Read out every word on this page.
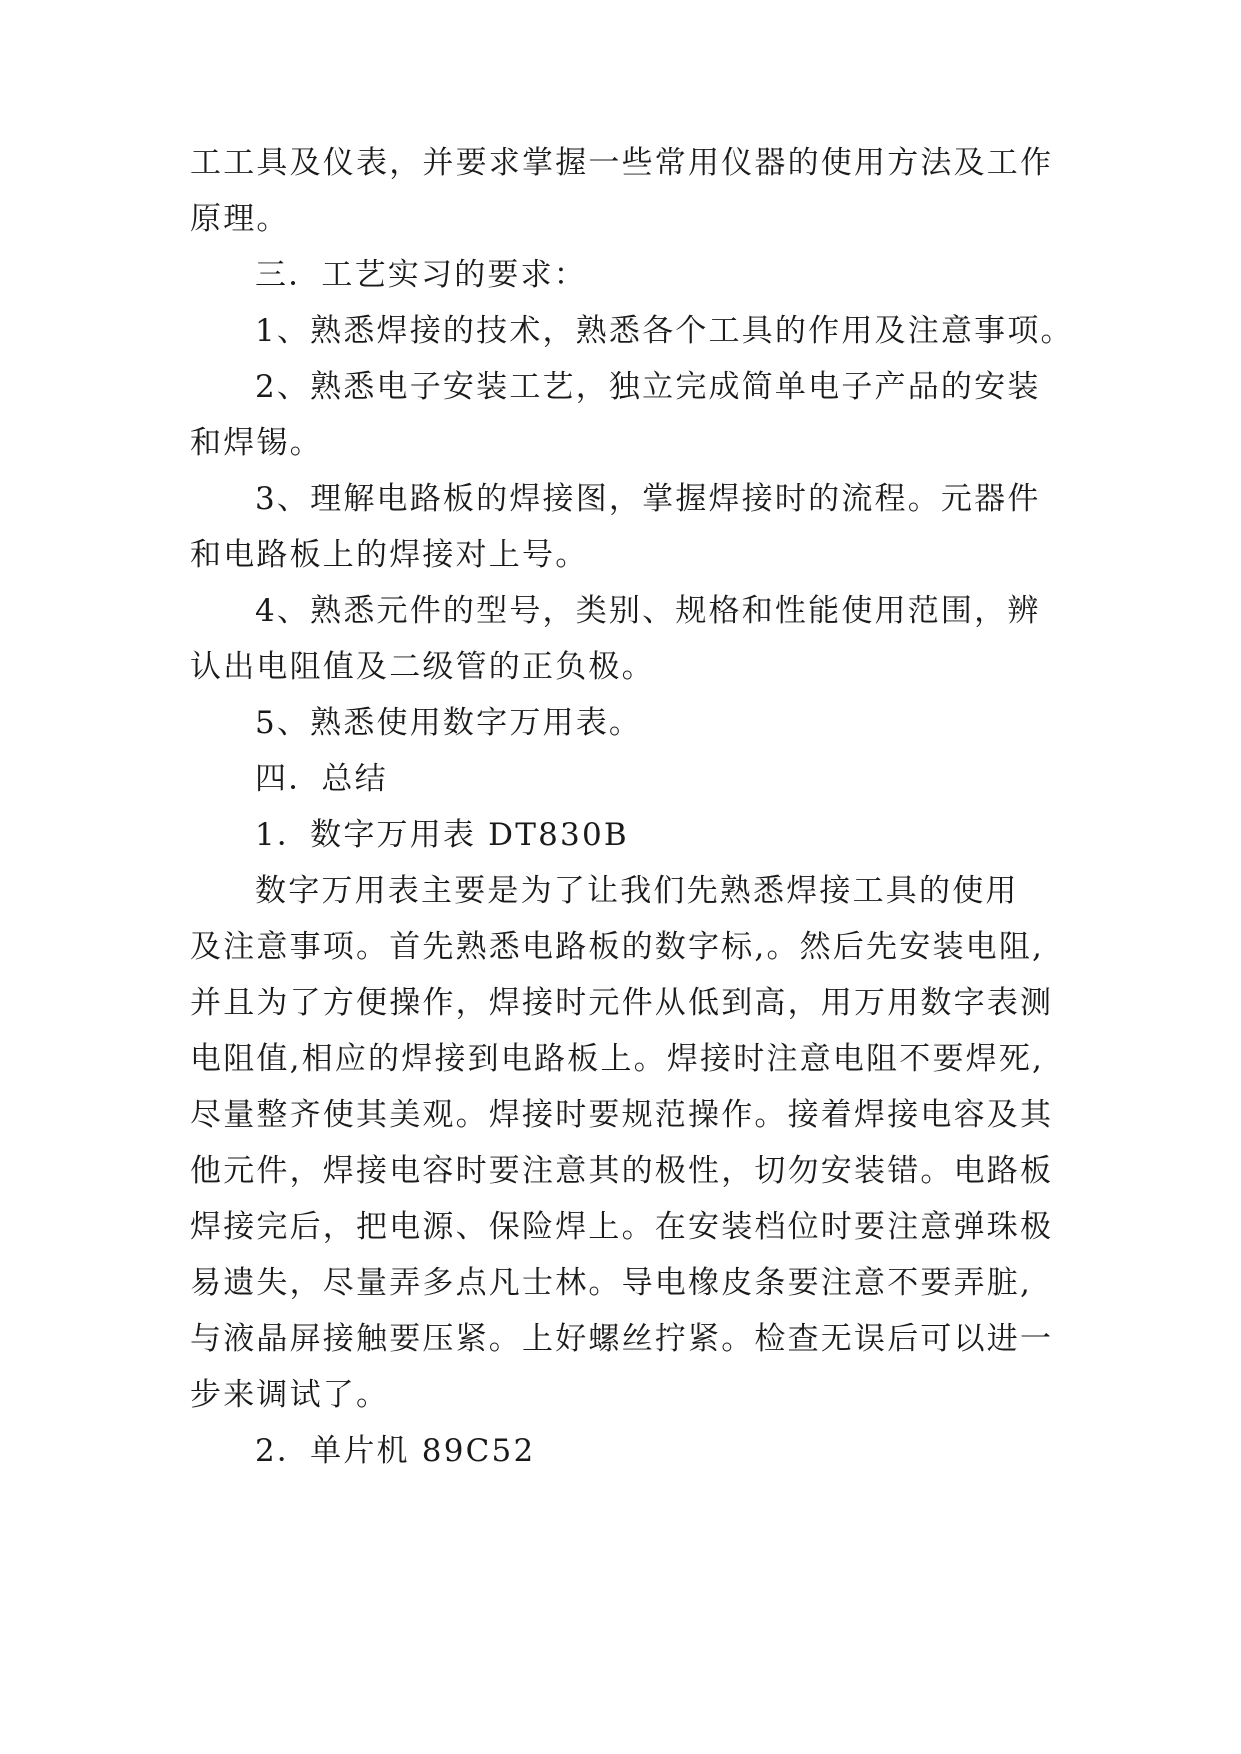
工工具及仪表，并要求掌握一些常用仪器的使用方法及工作
原理。
三．工艺实习的要求：
1、熟悉焊接的技术，熟悉各个工具的作用及注意事项。
2、熟悉电子安装工艺，独立完成简单电子产品的安装
和焊锡。
3、理解电路板的焊接图，掌握焊接时的流程。元器件
和电路板上的焊接对上号。
4、熟悉元件的型号，类别、规格和性能使用范围，辨
认出电阻值及二级管的正负极。
5、熟悉使用数字万用表。
四．总结
1．数字万用表 DT830B
数字万用表主要是为了让我们先熟悉焊接工具的使用
及注意事项。首先熟悉电路板的数字标,。然后先安装电阻,
并且为了方便操作，焊接时元件从低到高，用万用数字表测
电阻值,相应的焊接到电路板上。焊接时注意电阻不要焊死,
尽量整齐使其美观。焊接时要规范操作。接着焊接电容及其
他元件，焊接电容时要注意其的极性，切勿安装错。电路板
焊接完后，把电源、保险焊上。在安装档位时要注意弹珠极
易遗失，尽量弄多点凡士林。导电橡皮条要注意不要弄脏,
与液晶屏接触要压紧。上好螺丝拧紧。检查无误后可以进一
步来调试了。
2．单片机 89C52
